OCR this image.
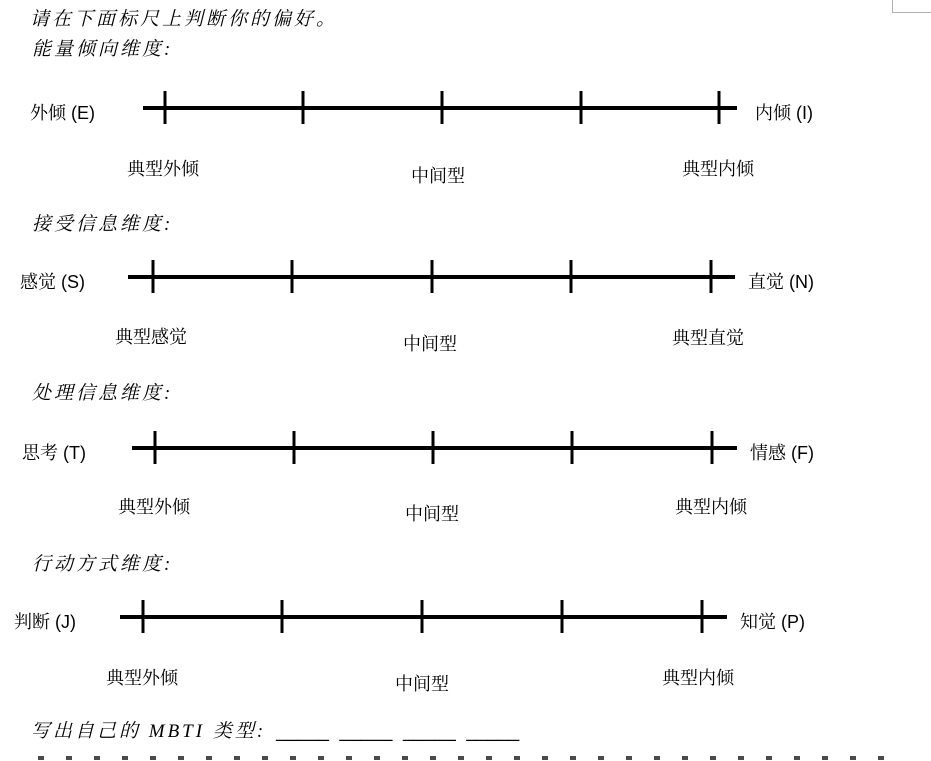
请在下面标尺上判断你的偏好。
能量倾向维度:
外倾 (E)	内倾 (I)
典型外倾	中间型	典型内倾
接受信息维度:
感觉 (S)	直觉 (N)
典型感觉	中间型	典型直觉
处理信息维度:
思考 (T)	情感 (F)
典型外倾	中间型	典型内倾
行动方式维度:
判断 (J)	知觉 (P)
典型外倾	中间型	典型内倾
写出自己的 MBTI 类型: _____  _____  _____  _____
